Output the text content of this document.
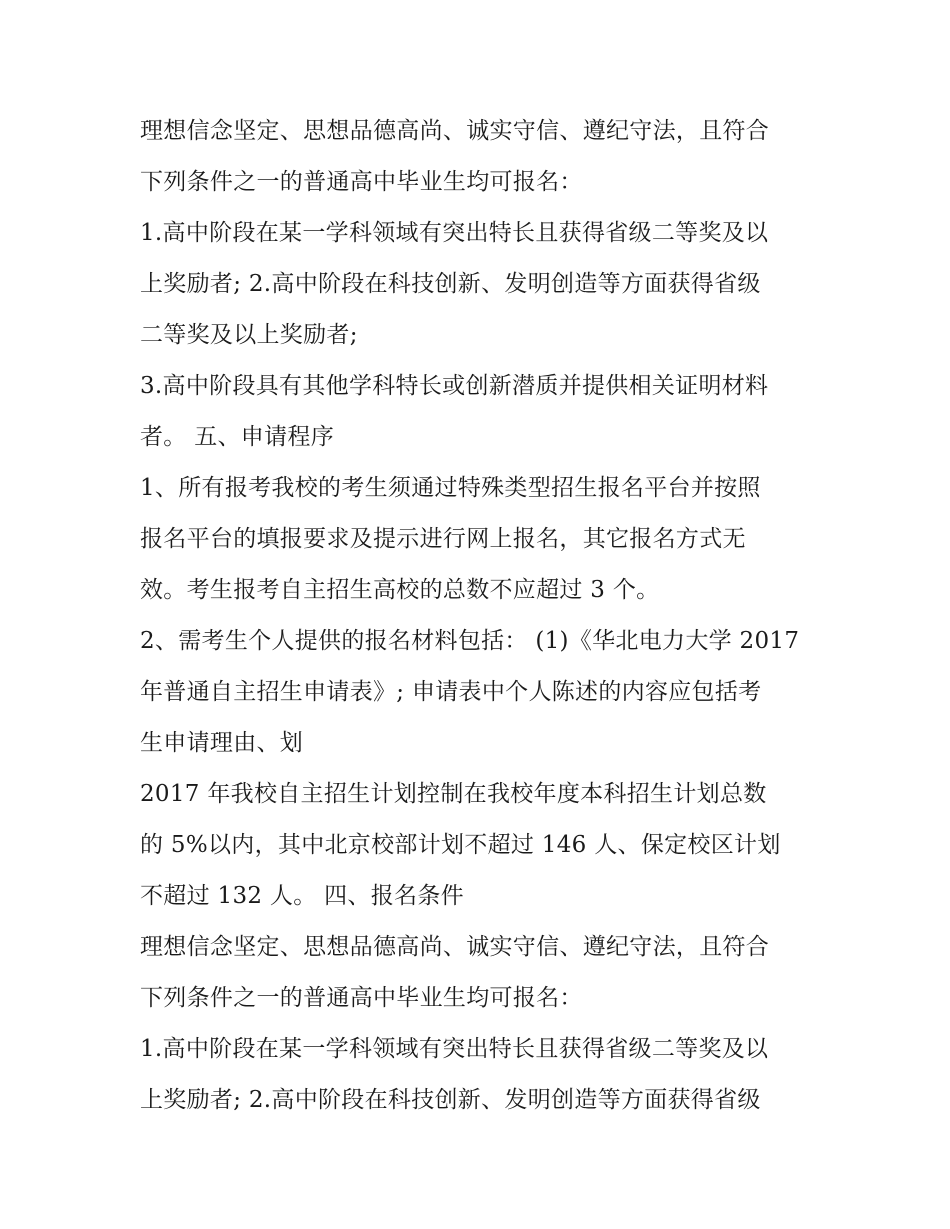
理想信念坚定、思想品德高尚、诚实守信、遵纪守法，且符合
下列条件之一的普通高中毕业生均可报名：
1.高中阶段在某一学科领域有突出特长且获得省级二等奖及以
上奖励者; 2.高中阶段在科技创新、发明创造等方面获得省级
二等奖及以上奖励者;
3.高中阶段具有其他学科特长或创新潜质并提供相关证明材料
者。 五、申请程序
1、所有报考我校的考生须通过特殊类型招生报名平台并按照
报名平台的填报要求及提示进行网上报名，其它报名方式无
效。考生报考自主招生高校的总数不应超过 3 个。
2、需考生个人提供的报名材料包括： (1)《华北电力大学 2017
年普通自主招生申请表》; 申请表中个人陈述的内容应包括考
生申请理由、划
2017 年我校自主招生计划控制在我校年度本科招生计划总数
的 5%以内，其中北京校部计划不超过 146 人、保定校区计划
不超过 132 人。 四、报名条件
理想信念坚定、思想品德高尚、诚实守信、遵纪守法，且符合
下列条件之一的普通高中毕业生均可报名：
1.高中阶段在某一学科领域有突出特长且获得省级二等奖及以
上奖励者; 2.高中阶段在科技创新、发明创造等方面获得省级
